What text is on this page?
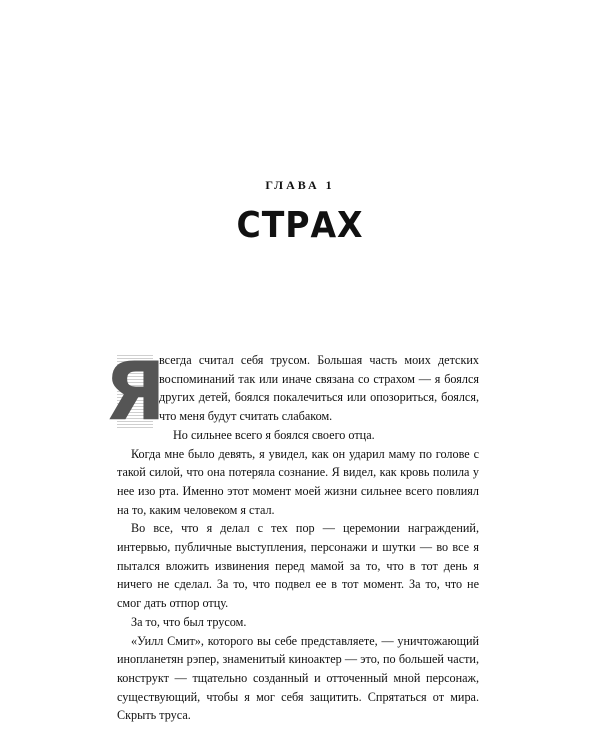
ГЛАВА 1
СТРАХ
Я

всегда считал себя трусом. Большая часть моих детских воспоминаний так или иначе связана со страхом — я боялся других детей, боялся покалечиться или опозориться, боялся, что меня будут считать слабаком.

Но сильнее всего я боялся своего отца.

Когда мне было девять, я увидел, как он ударил маму по голове с такой силой, что она потеряла сознание. Я видел, как кровь полила у нее изо рта. Именно этот момент моей жизни сильнее всего повлиял на то, каким человеком я стал.

Во все, что я делал с тех пор — церемонии награждений, интервью, публичные выступления, персонажи и шутки — во все я пытался вложить извинения перед мамой за то, что в тот день я ничего не сделал. За то, что подвел ее в тот момент. За то, что не смог дать отпор отцу.

За то, что был трусом.

«Уилл Смит», которого вы себе представляете, — уничтожающий инопланетян рэпер, знаменитый киноактер — это, по большей части, конструкт — тщательно созданный и отточенный мной персонаж, существующий, чтобы я мог себя защитить. Спрятаться от мира. Скрыть труса.
